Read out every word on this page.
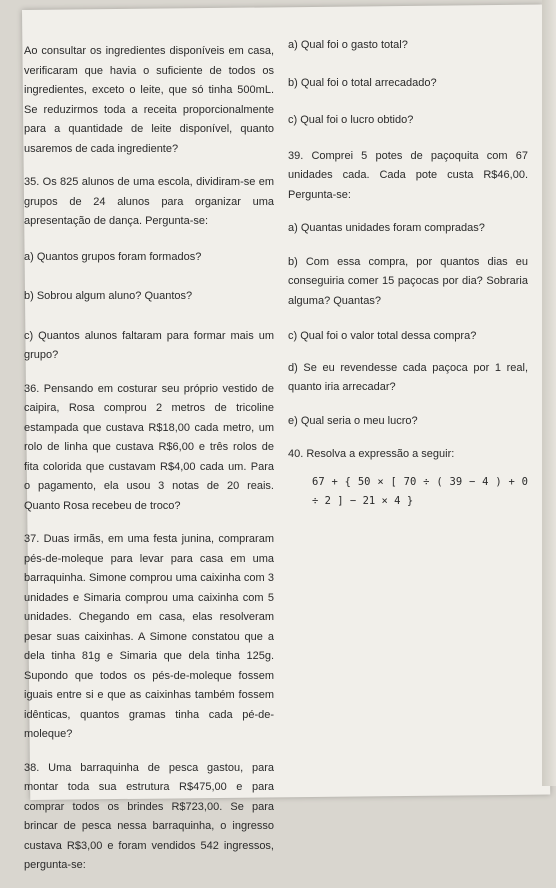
Ao consultar os ingredientes disponíveis em casa, verificaram que havia o suficiente de todos os ingredientes, exceto o leite, que só tinha 500mL. Se reduzirmos toda a receita proporcionalmente para a quantidade de leite disponível, quanto usaremos de cada ingrediente?

35. Os 825 alunos de uma escola, dividiram-se em grupos de 24 alunos para organizar uma apresentação de dança. Pergunta-se:

a) Quantos grupos foram formados?

b) Sobrou algum aluno? Quantos?

c) Quantos alunos faltaram para formar mais um grupo?

36. Pensando em costurar seu próprio vestido de caipira, Rosa comprou 2 metros de tricoline estampada que custava R$18,00 cada metro, um rolo de linha que custava R$6,00 e três rolos de fita colorida que custavam R$4,00 cada um. Para o pagamento, ela usou 3 notas de 20 reais. Quanto Rosa recebeu de troco?

37. Duas irmãs, em uma festa junina, compraram pés-de-moleque para levar para casa em uma barraquinha. Simone comprou uma caixinha com 3 unidades e Simaria comprou uma caixinha com 5 unidades. Chegando em casa, elas resolveram pesar suas caixinhas. A Simone constatou que a dela tinha 81g e Simaria que dela tinha 125g. Supondo que todos os pés-de-moleque fossem iguais entre si e que as caixinhas também fossem idênticas, quantos gramas tinha cada pé-de-moleque?

38. Uma barraquinha de pesca gastou, para montar toda sua estrutura R$475,00 e para comprar todos os brindes R$723,00. Se para brincar de pesca nessa barraquinha, o ingresso custava R$3,00 e foram vendidos 542 ingressos, pergunta-se:

a) Qual foi o gasto total?

b) Qual foi o total arrecadado?

c) Qual foi o lucro obtido?

39. Comprei 5 potes de paçoquita com 67 unidades cada. Cada pote custa R$46,00. Pergunta-se:

a) Quantas unidades foram compradas?

b) Com essa compra, por quantos dias eu conseguiria comer 15 paçocas por dia? Sobraria alguma? Quantas?

c) Qual foi o valor total dessa compra?

d) Se eu revendesse cada paçoca por 1 real, quanto iria arrecadar?

e) Qual seria o meu lucro?

40. Resolva a expressão a seguir:

67 + { 50 × [ 70 ÷ ( 39 − 4 ) + 0 ÷ 2 ] − 21 × 4 }
